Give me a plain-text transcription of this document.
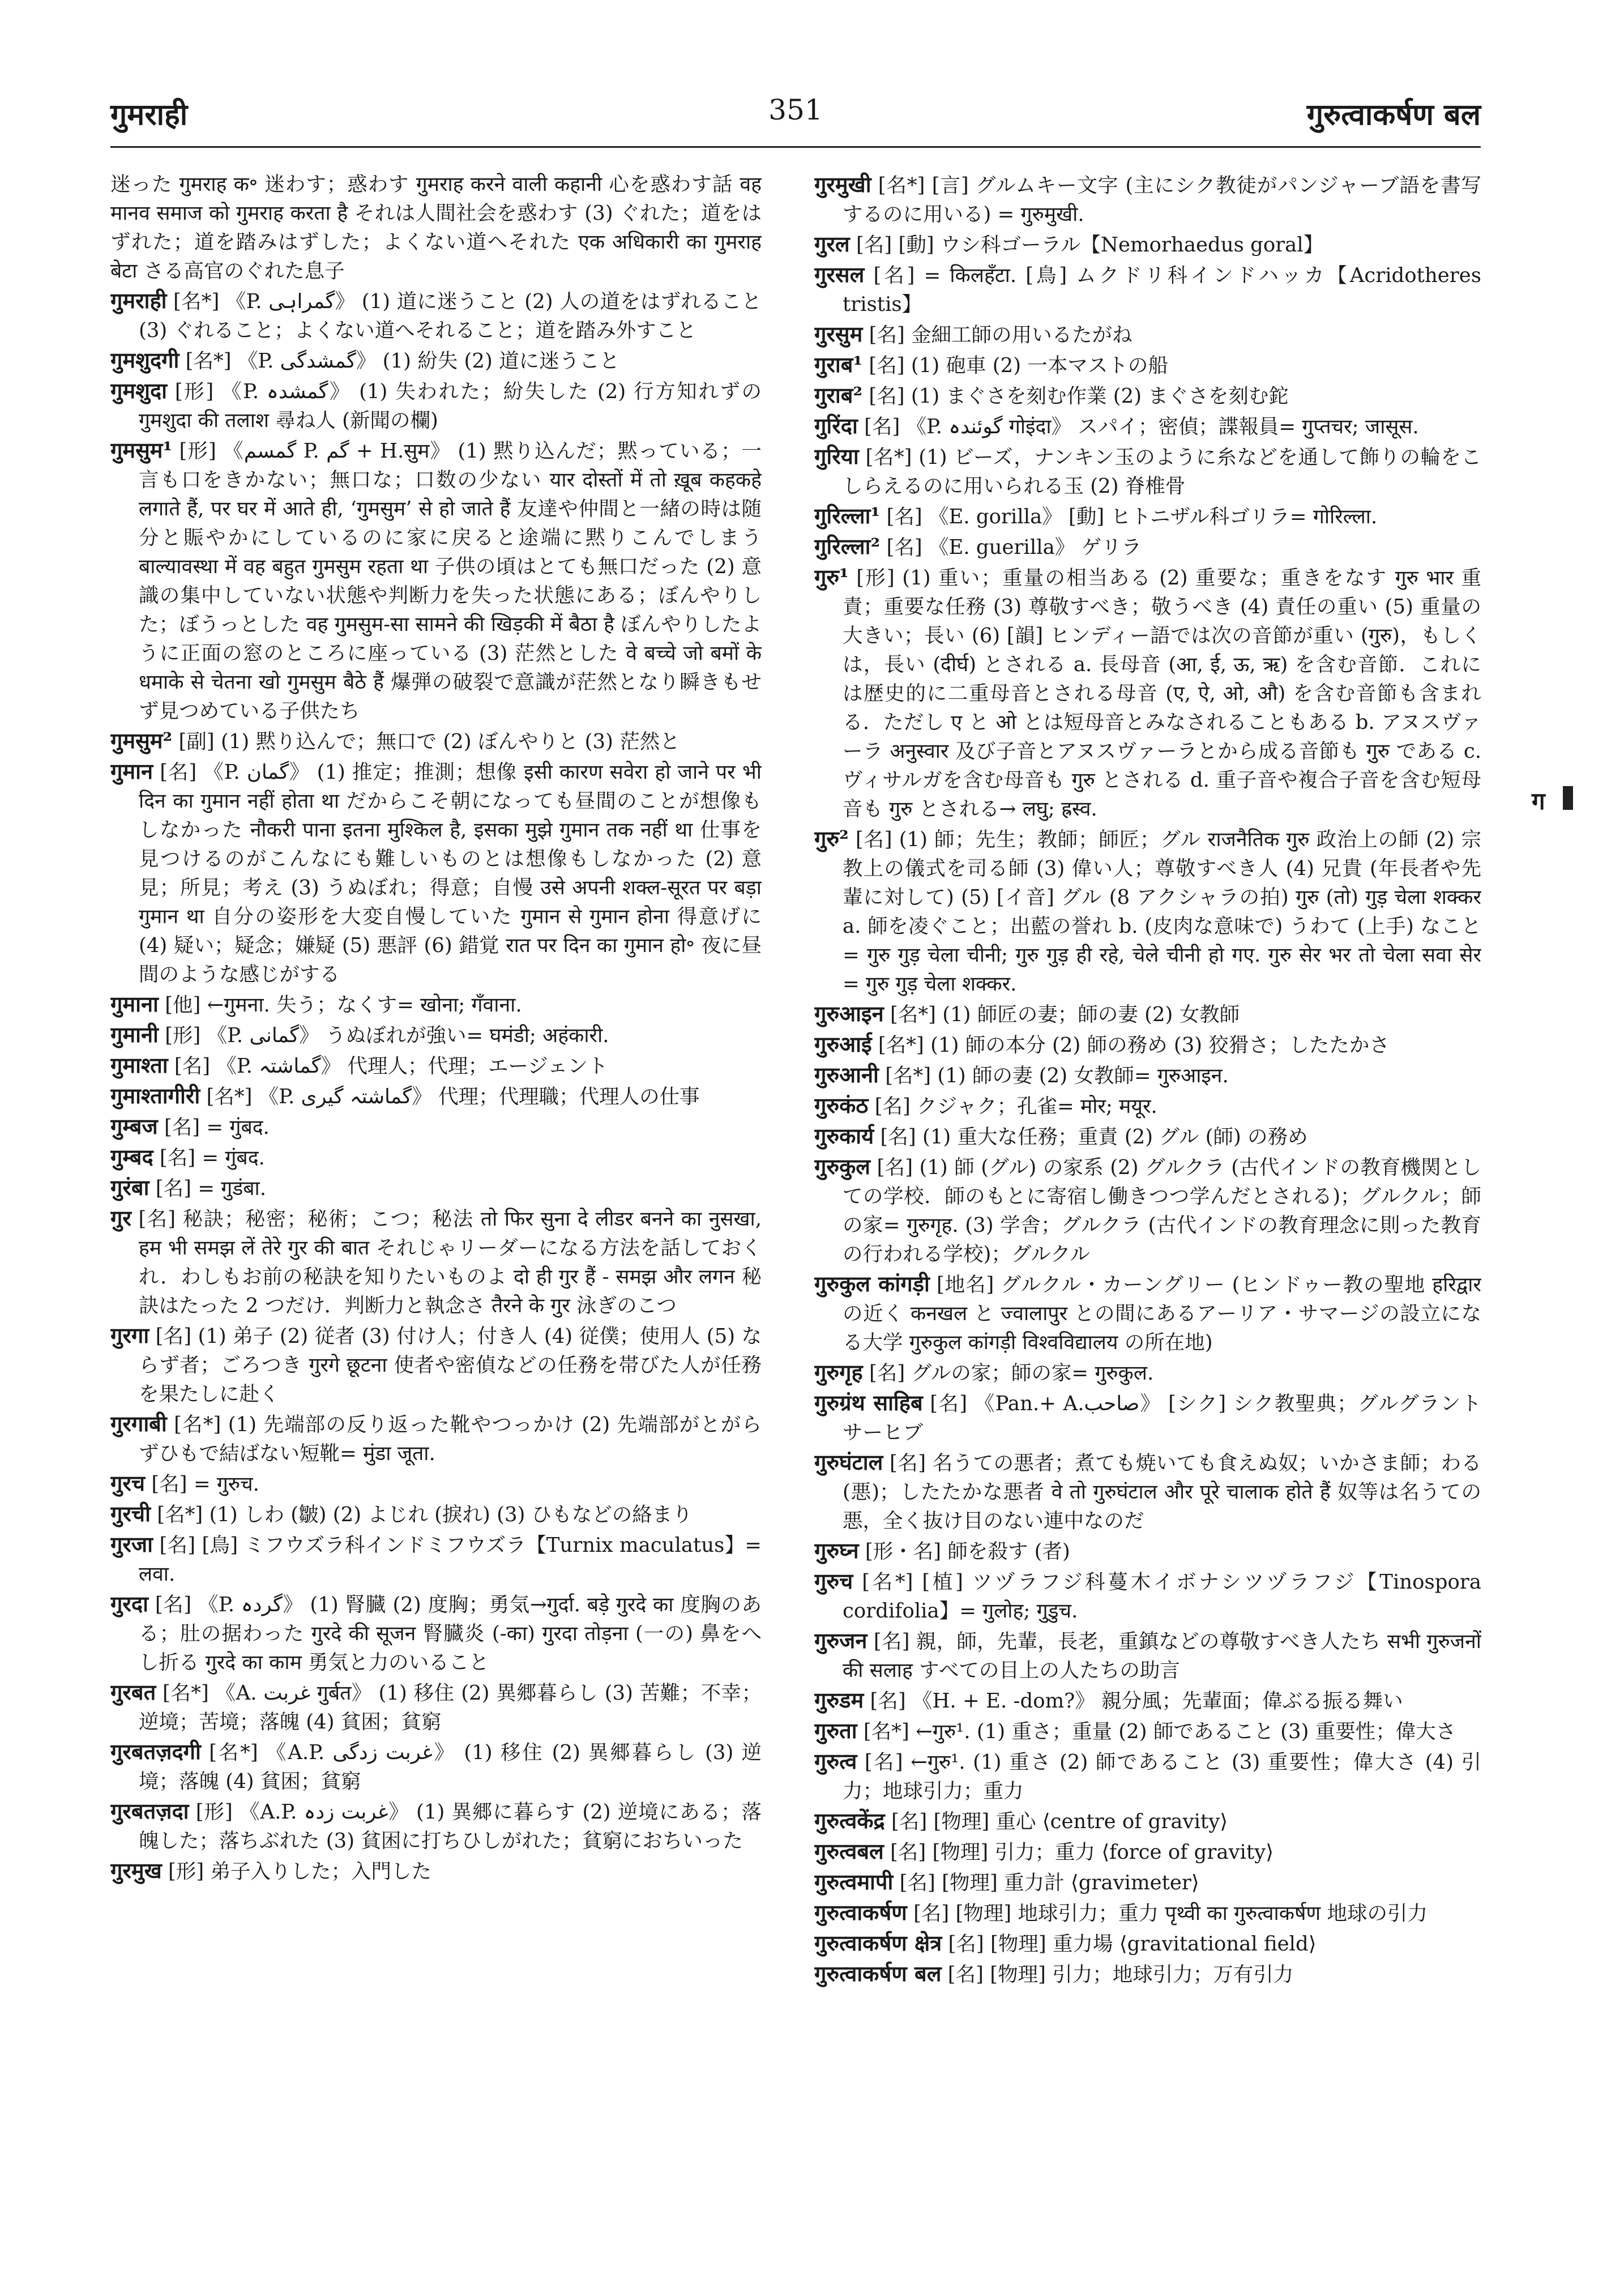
गुमराही	351	गुरुत्वाकर्षण बल

迷った गुमराह क॰ 迷わす；惑わす गुमराह करने वाली कहानी 心を惑わす話 वह मानव समाज को गुमराह करता है それは人間社会を惑わす (3) ぐれた；道をはずれた；道を踏みはずした；よくない道へそれた एक अधिकारी का गुमराह बेटा さる高官のぐれた息子

गुमराही [名*] 《P. گمراہی》 (1) 道に迷うこと (2) 人の道をはずれること (3) ぐれること；よくない道へそれること；道を踏み外すこと

गुमशुदगी [名*] 《P. گمشدگی》 (1) 紛失 (2) 道に迷うこと

गुमशुदा [形] 《P. گمشدہ》 (1) 失われた；紛失した (2) 行方知れずの गुमशुदा की तलाश 尋ね人 (新聞の欄)

गुमसुम¹ [形] 《گمسم P. گم + H.सुम》 (1) 黙り込んだ；黙っている；一言も口をきかない；無口な；口数の少ない यार दोस्तों में तो ख़ूब कहकहे लगाते हैं, पर घर में आते ही, ‘गुमसुम’ से हो जाते हैं 友達や仲間と一緒の時は随分と賑やかにしているのに家に戻ると途端に黙りこんでしまう बाल्यावस्था में वह बहुत गुमसुम रहता था 子供の頃はとても無口だった (2) 意識の集中していない状態や判断力を失った状態にある；ぼんやりした；ぼうっとした वह गुमसुम-सा सामने की खिड़की में बैठा है ぼんやりしたように正面の窓のところに座っている (3) 茫然とした वे बच्चे जो बमों के धमाके से चेतना खो गुमसुम बैठे हैं 爆弾の破裂で意識が茫然となり瞬きもせず見つめている子供たち

गुमसुम² [副] (1) 黙り込んで；無口で (2) ぼんやりと (3) 茫然と

गुमान [名] 《P. گمان》 (1) 推定；推測；想像 इसी कारण सवेरा हो जाने पर भी दिन का गुमान नहीं होता था だからこそ朝になっても昼間のことが想像もしなかった नौकरी पाना इतना मुश्किल है, इसका मुझे गुमान तक नहीं था 仕事を見つけるのがこんなにも難しいものとは想像もしなかった (2) 意見；所見；考え (3) うぬぼれ；得意；自慢 उसे अपनी शक्ल-सूरत पर बड़ा गुमान था 自分の姿形を大変自慢していた गुमान से गुमान होना 得意げに (4) 疑い；疑念；嫌疑 (5) 悪評 (6) 錯覚 रात पर दिन का गुमान हो॰ 夜に昼間のような感じがする

गुमाना [他] ←गुमना. 失う；なくす= खोना; गँवाना.

गुमानी [形] 《P. گمانی》 うぬぼれが強い= घमंडी; अहंकारी.

गुमाश्ता [名] 《P. گماشتہ》 代理人；代理；エージェント

गुमाश्तागीरी [名*] 《P. گماشتہ گیری》 代理；代理職；代理人の仕事

गुम्बज [名] = गुंबद.

गुम्बद [名] = गुंबद.

गुरंबा [名] = गुडंबा.

गुर [名] 秘訣；秘密；秘術；こつ；秘法 तो फिर सुना दे लीडर बनने का नुसखा, हम भी समझ लें तेरे गुर की बात それじゃリーダーになる方法を話しておくれ．わしもお前の秘訣を知りたいものよ दो ही गुर हैं - समझ और लगन 秘訣はたった 2 つだけ．判断力と執念さ तैरने के गुर 泳ぎのこつ

गुरगा [名] (1) 弟子 (2) 従者 (3) 付け人；付き人 (4) 従僕；使用人 (5) ならず者；ごろつき गुरगे छूटना 使者や密偵などの任務を帯びた人が任務を果たしに赴く

गुरगाबी [名*] (1) 先端部の反り返った靴やつっかけ (2) 先端部がとがらずひもで結ばない短靴= मुंडा जूता.

गुरच [名] = गुरुच.

गुरची [名*] (1) しわ (皺) (2) よじれ (捩れ) (3) ひもなどの絡まり

गुरजा [名] [鳥] ミフウズラ科インドミフウズラ【Turnix maculatus】= लवा.

गुरदा [名] 《P. گردہ》 (1) 腎臓 (2) 度胸；勇気→गुर्दा. बड़े गुरदे का 度胸のある；肚の据わった गुरदे की सूजन 腎臓炎 (-का) गुरदा तोड़ना (一の) 鼻をへし折る गुरदे का काम 勇気と力のいること

गुरबत [名*] 《A. غربت गुर्बत》 (1) 移住 (2) 異郷暮らし (3) 苦難；不幸；逆境；苦境；落魄 (4) 貧困；貧窮

गुरबतज़दगी [名*] 《A.P. غربت زدگی》 (1) 移住 (2) 異郷暮らし (3) 逆境；落魄 (4) 貧困；貧窮

गुरबतज़दा [形] 《A.P. غربت زدہ》 (1) 異郷に暮らす (2) 逆境にある；落魄した；落ちぶれた (3) 貧困に打ちひしがれた；貧窮におちいった

गुरमुख [形] 弟子入りした；入門した

गुरमुखी [名*] [言] グルムキー文字 (主にシク教徒がパンジャーブ語を書写するのに用いる) = गुरुमुखी.

गुरल [名] [動] ウシ科ゴーラル【Nemorhaedus goral】

गुरसल [名] = किलहँटा. [鳥] ムクドリ科インドハッカ【Acridotheres tristis】

गुरसुम [名] 金細工師の用いるたがね

गुराब¹ [名] (1) 砲車 (2) 一本マストの船

गुराब² [名] (1) まぐさを刻む作業 (2) まぐさを刻む鉈

गुरिंदा [名] 《P. گوئندہ गोइंदा》 スパイ；密偵；諜報員= गुप्तचर; जासूस.

गुरिया [名*] (1) ビーズ，ナンキン玉のように糸などを通して飾りの輪をこしらえるのに用いられる玉 (2) 脊椎骨

गुरिल्ला¹ [名] 《E. gorilla》 [動] ヒトニザル科ゴリラ= गोरिल्ला.

गुरिल्ला² [名] 《E. guerilla》 ゲリラ

गुरु¹ [形] (1) 重い；重量の相当ある (2) 重要な；重きをなす गुरु भार 重責；重要な任務 (3) 尊敬すべき；敬うべき (4) 責任の重い (5) 重量の大きい；長い (6) [韻] ヒンディー語では次の音節が重い (गुरु)，もしくは，長い (दीर्घ) とされる a. 長母音 (आ, ई, ऊ, ऋ) を含む音節．これには歴史的に二重母音とされる母音 (ए, ऐ, ओ, औ) を含む音節も含まれる．ただし ए と ओ とは短母音とみなされることもある b. アヌスヴァーラ अनुस्वार 及び子音とアヌスヴァーラとから成る音節も गुरु である c. ヴィサルガを含む母音も गुरु とされる d. 重子音や複合子音を含む短母音も गुरु とされる→ लघु; ह्रस्व.

गुरु² [名] (1) 師；先生；教師；師匠；グル राजनैतिक गुरु 政治上の師 (2) 宗教上の儀式を司る師 (3) 偉い人；尊敬すべき人 (4) 兄貴 (年長者や先輩に対して) (5) [イ音] グル (8 アクシャラの拍) गुरु (तो) गुड़ चेला शक्कर a. 師を凌ぐこと；出藍の誉れ b. (皮肉な意味で) うわて (上手) なこと= गुरु गुड़ चेला चीनी; गुरु गुड़ ही रहे, चेले चीनी हो गए. गुरु सेर भर तो चेला सवा सेर = गुरु गुड़ चेला शक्कर.

गुरुआइन [名*] (1) 師匠の妻；師の妻 (2) 女教師

गुरुआई [名*] (1) 師の本分 (2) 師の務め (3) 狡猾さ；したたかさ

गुरुआनी [名*] (1) 師の妻 (2) 女教師= गुरुआइन.

गुरुकंठ [名] クジャク；孔雀= मोर; मयूर.

गुरुकार्य [名] (1) 重大な任務；重責 (2) グル (師) の務め

गुरुकुल [名] (1) 師 (グル) の家系 (2) グルクラ (古代インドの教育機関としての学校．師のもとに寄宿し働きつつ学んだとされる)；グルクル；師の家= गुरुगृह. (3) 学舎；グルクラ (古代インドの教育理念に則った教育の行われる学校)；グルクル

गुरुकुल कांगड़ी [地名] グルクル・カーングリー (ヒンドゥー教の聖地 हरिद्वार の近く कनखल と ज्वालापुर との間にあるアーリア・サマージの設立になる大学 गुरुकुल कांगड़ी विश्वविद्यालय の所在地)

गुरुगृह [名] グルの家；師の家= गुरुकुल.

गुरुग्रंथ साहिब [名] 《Pan.+ A.صاحب》 [シク] シク教聖典；グルグラントサーヒブ

गुरुघंटाल [名] 名うての悪者；煮ても焼いても食えぬ奴；いかさま師；わる (悪)；したたかな悪者 वे तो गुरुघंटाल और पूरे चालाक होते हैं 奴等は名うての悪，全く抜け目のない連中なのだ

गुरुघ्न [形・名] 師を殺す (者)

गुरुच [名*] [植] ツヅラフジ科蔓木イボナシツヅラフジ【Tinospora cordifolia】= गुलोह; गुडुच.

गुरुजन [名] 親，師，先輩，長老，重鎮などの尊敬すべき人たち सभी गुरुजनों की सलाह すべての目上の人たちの助言

गुरुडम [名] 《H. + E. -dom?》 親分風；先輩面；偉ぶる振る舞い

गुरुता [名*] ←गुरु¹. (1) 重さ；重量 (2) 師であること (3) 重要性；偉大さ

गुरुत्व [名] ←गुरु¹. (1) 重さ (2) 師であること (3) 重要性；偉大さ (4) 引力；地球引力；重力

गुरुत्वकेंद्र [名] [物理] 重心 ⟨centre of gravity⟩

गुरुत्वबल [名] [物理] 引力；重力 ⟨force of gravity⟩

गुरुत्वमापी [名] [物理] 重力計 ⟨gravimeter⟩

गुरुत्वाकर्षण [名] [物理] 地球引力；重力 पृथ्वी का गुरुत्वाकर्षण 地球の引力

गुरुत्वाकर्षण क्षेत्र [名] [物理] 重力場 ⟨gravitational field⟩

गुरुत्वाकर्षण बल [名] [物理] 引力；地球引力；万有引力

ग
